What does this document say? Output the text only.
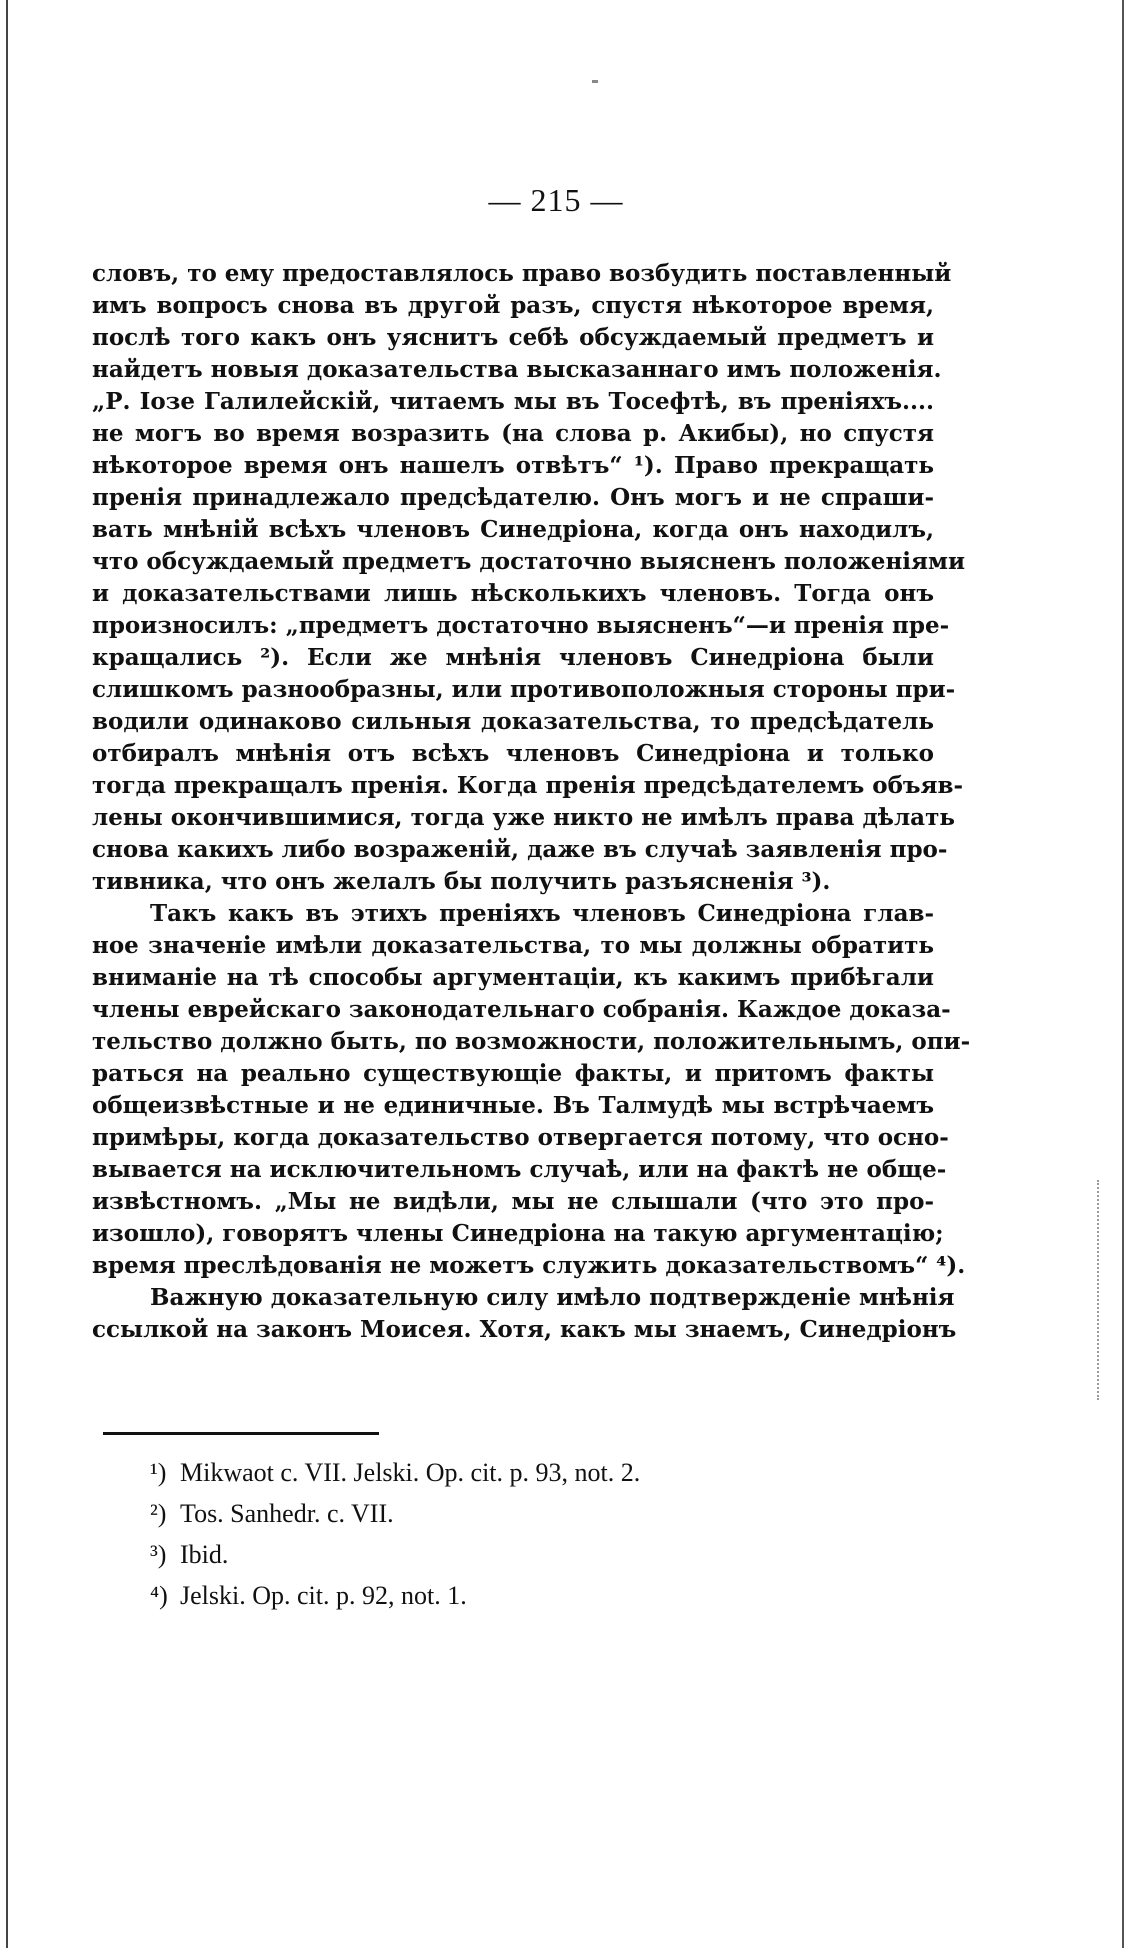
— 215 —
словъ, то ему предоставлялось право возбудить поставленный
имъ вопросъ снова въ другой разъ, спустя нѣкоторое время,
послѣ того какъ онъ уяснитъ себѣ обсуждаемый предметъ и
найдетъ новыя доказательства высказаннаго имъ положенія.
„Р. Іозе Галилейскій, читаемъ мы въ Тосефтѣ, въ преніяхъ....
не могъ во время возразить (на слова р. Акибы), но спустя
нѣкоторое время онъ нашелъ отвѣтъ“ ¹). Право прекращать
пренія принадлежало предсѣдателю. Онъ могъ и не спраши-
вать мнѣній всѣхъ членовъ Синедріона, когда онъ находилъ,
что обсуждаемый предметъ достаточно выясненъ положеніями
и доказательствами лишь нѣсколькихъ членовъ. Тогда онъ
произносилъ: „предметъ достаточно выясненъ“—и пренія пре-
кращались ²). Если же мнѣнія членовъ Синедріона были
слишкомъ разнообразны, или противоположныя стороны при-
водили одинаково сильныя доказательства, то предсѣдатель
отбиралъ мнѣнія отъ всѣхъ членовъ Синедріона и только
тогда прекращалъ пренія. Когда пренія предсѣдателемъ объяв-
лены окончившимися, тогда уже никто не имѣлъ права дѣлать
снова какихъ либо возраженій, даже въ случаѣ заявленія про-
тивника, что онъ желалъ бы получить разъясненія ³).
Такъ какъ въ этихъ преніяхъ членовъ Синедріона глав-
ное значеніе имѣли доказательства, то мы должны обратить
вниманіе на тѣ способы аргументаціи, къ какимъ прибѣгали
члены еврейскаго законодательнаго собранія. Каждое доказа-
тельство должно быть, по возможности, положительнымъ, опи-
раться на реально существующіе факты, и притомъ факты
общеизвѣстные и не единичные. Въ Талмудѣ мы встрѣчаемъ
примѣры, когда доказательство отвергается потому, что осно-
вывается на исключительномъ случаѣ, или на фактѣ не обще-
извѣстномъ. „Мы не видѣли, мы не слышали (что это про-
изошло), говорятъ члены Синедріона на такую аргументацію;
время преслѣдованія не можетъ служить доказательствомъ“ ⁴).
Важную доказательную силу имѣло подтвержденіе мнѣнія
ссылкой на законъ Моисея. Хотя, какъ мы знаемъ, Синедріонъ
¹) Mikwaot c. VII. Jelski. Op. cit. p. 93, not. 2.
²) Tos. Sanhedr. c. VII.
³) Ibid.
⁴) Jelski. Op. cit. p. 92, not. 1.
